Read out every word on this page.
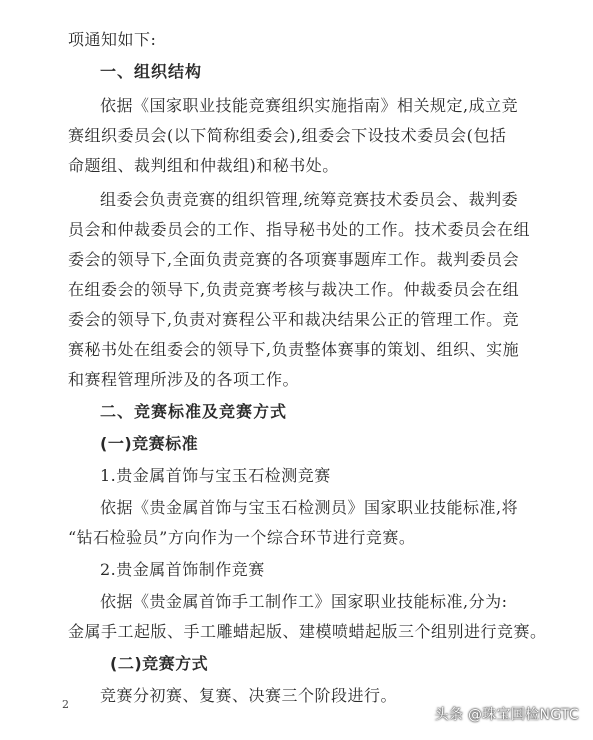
项通知如下:
一、组织结构
依据《国家职业技能竞赛组织实施指南》相关规定,成立竞
赛组织委员会(以下简称组委会),组委会下设技术委员会(包括
命题组、裁判组和仲裁组)和秘书处。
组委会负责竞赛的组织管理,统筹竞赛技术委员会、裁判委
员会和仲裁委员会的工作、指导秘书处的工作。技术委员会在组
委会的领导下,全面负责竞赛的各项赛事题库工作。裁判委员会
在组委会的领导下,负责竞赛考核与裁决工作。仲裁委员会在组
委会的领导下,负责对赛程公平和裁决结果公正的管理工作。竞
赛秘书处在组委会的领导下,负责整体赛事的策划、组织、实施
和赛程管理所涉及的各项工作。
二、竞赛标准及竞赛方式
(一)竞赛标准
1.贵金属首饰与宝玉石检测竞赛
依据《贵金属首饰与宝玉石检测员》国家职业技能标准,将
“钻石检验员”方向作为一个综合环节进行竞赛。
2.贵金属首饰制作竞赛
依据《贵金属首饰手工制作工》国家职业技能标准,分为:
金属手工起版、手工雕蜡起版、建模喷蜡起版三个组别进行竞赛。
(二)竞赛方式
竞赛分初赛、复赛、决赛三个阶段进行。
2
头条 @珠宝国检NGTC
